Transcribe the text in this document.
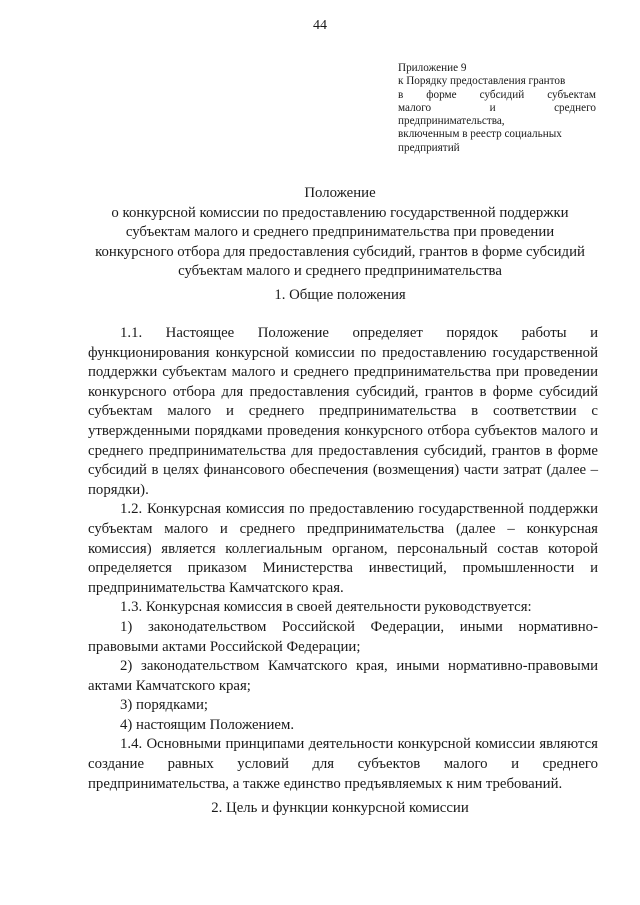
44
Приложение 9
к Порядку предоставления грантов
в форме субсидий субъектам
малого и среднего
предпринимательства,
включенным в реестр социальных
предприятий
Положение
о конкурсной комиссии по предоставлению государственной поддержки
субъектам малого и среднего предпринимательства при проведении
конкурсного отбора для предоставления субсидий, грантов в форме субсидий
субъектам малого и среднего предпринимательства
1. Общие положения

1.1. Настоящее Положение определяет порядок работы и функционирования конкурсной комиссии по предоставлению государственной поддержки субъектам малого и среднего предпринимательства при проведении конкурсного отбора для предоставления субсидий, грантов в форме субсидий субъектам малого и среднего предпринимательства в соответствии с утвержденными порядками проведения конкурсного отбора субъектов малого и среднего предпринимательства для предоставления субсидий, грантов в форме субсидий в целях финансового обеспечения (возмещения) части затрат (далее – порядки).

1.2. Конкурсная комиссия по предоставлению государственной поддержки субъектам малого и среднего предпринимательства (далее – конкурсная комиссия) является коллегиальным органом, персональный состав которой определяется приказом Министерства инвестиций, промышленности и предпринимательства Камчатского края.

1.3. Конкурсная комиссия в своей деятельности руководствуется:

1) законодательством Российской Федерации, иными нормативно-правовыми актами Российской Федерации;

2) законодательством Камчатского края, иными нормативно-правовыми актами Камчатского края;

3) порядками;

4) настоящим Положением.

1.4. Основными принципами деятельности конкурсной комиссии являются создание равных условий для субъектов малого и среднего предпринимательства, а также единство предъявляемых к ним требований.

2. Цель и функции конкурсной комиссии
